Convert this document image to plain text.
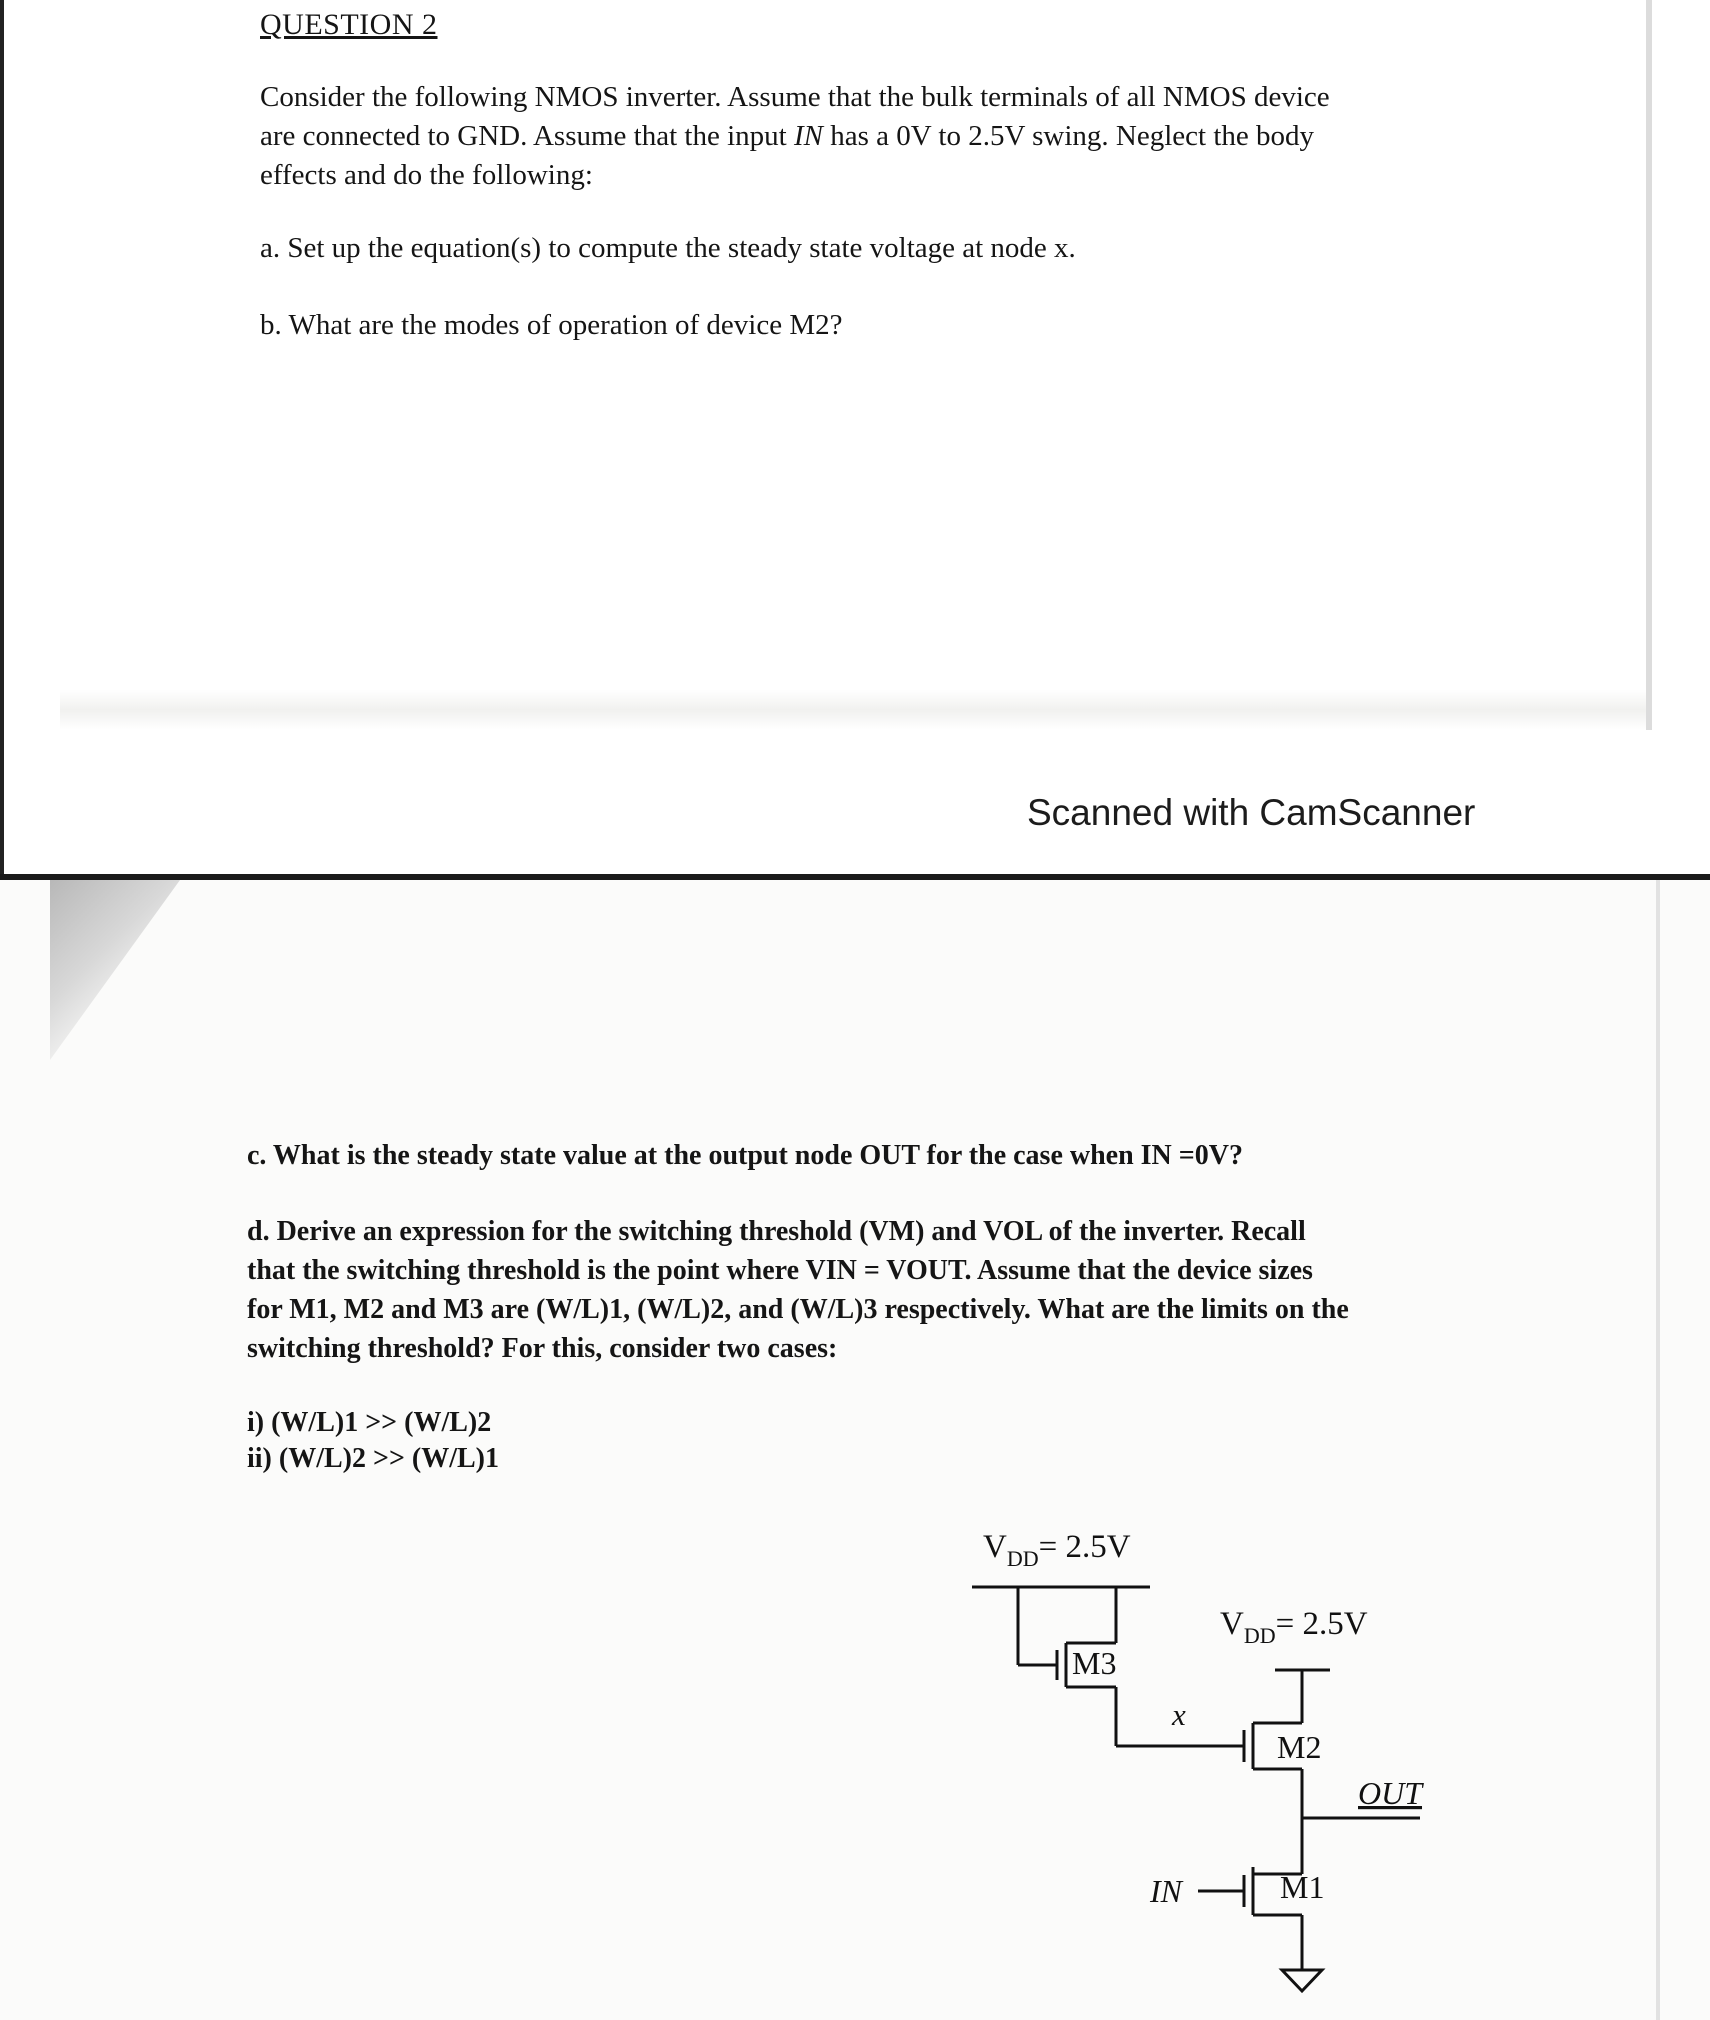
QUESTION 2
Consider the following NMOS inverter. Assume that the bulk terminals of all NMOS device
are connected to GND. Assume that the input IN has a 0V to 2.5V swing. Neglect the body
effects and do the following:
a. Set up the equation(s) to compute the steady state voltage at node x.
b. What are the modes of operation of device M2?
Scanned with CamScanner
c. What is the steady state value at the output node OUT for the case when IN =0V?
d. Derive an expression for the switching threshold (VM) and VOL of the inverter. Recall
that the switching threshold is the point where VIN = VOUT. Assume that the device sizes
for M1, M2 and M3 are (W/L)1, (W/L)2, and (W/L)3 respectively. What are the limits on the
switching threshold? For this, consider two cases:
i) (W/L)1 >> (W/L)2
ii) (W/L)2 >> (W/L)1
$V_{DD}= 2.5V$
M3
x
$V_{DD}= 2.5V$
M2
OUT
IN	M1
